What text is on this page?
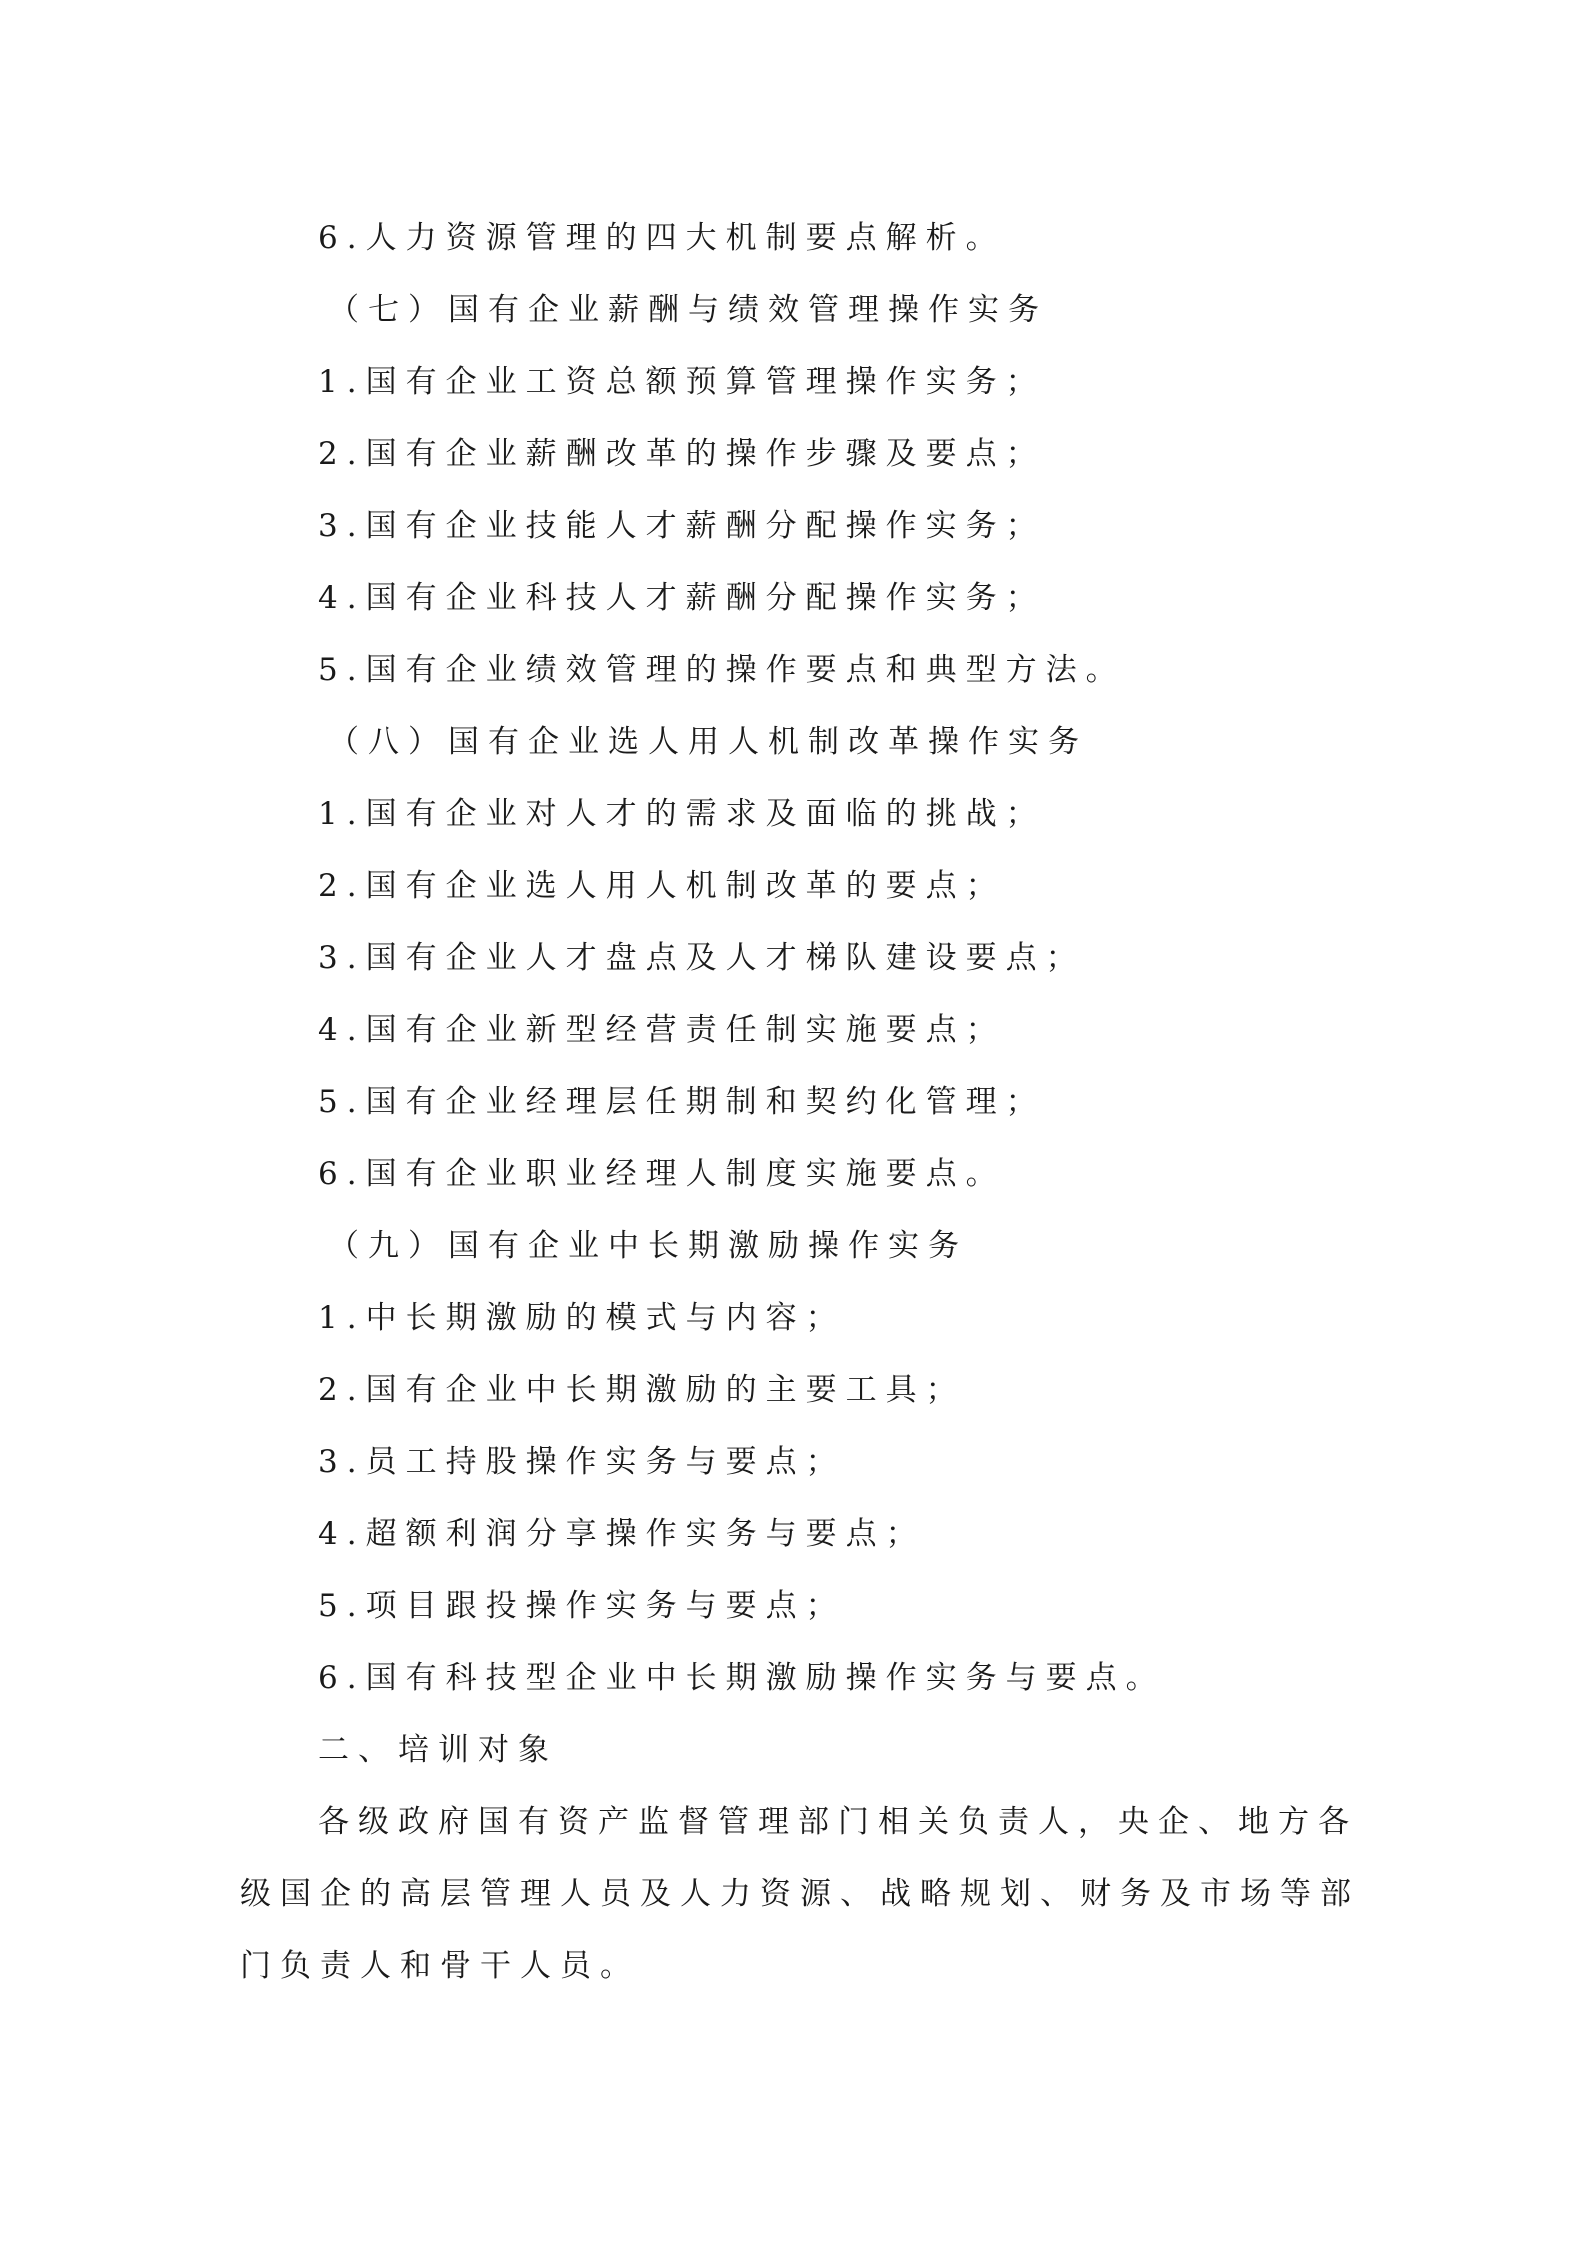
6.人力资源管理的四大机制要点解析。
（七）国有企业薪酬与绩效管理操作实务
1.国有企业工资总额预算管理操作实务；
2.国有企业薪酬改革的操作步骤及要点；
3.国有企业技能人才薪酬分配操作实务；
4.国有企业科技人才薪酬分配操作实务；
5.国有企业绩效管理的操作要点和典型方法。
（八）国有企业选人用人机制改革操作实务
1.国有企业对人才的需求及面临的挑战；
2.国有企业选人用人机制改革的要点；
3.国有企业人才盘点及人才梯队建设要点；
4.国有企业新型经营责任制实施要点；
5.国有企业经理层任期制和契约化管理；
6.国有企业职业经理人制度实施要点。
（九）国有企业中长期激励操作实务
1.中长期激励的模式与内容；
2.国有企业中长期激励的主要工具；
3.员工持股操作实务与要点；
4.超额利润分享操作实务与要点；
5.项目跟投操作实务与要点；
6.国有科技型企业中长期激励操作实务与要点。
二、培训对象
各级政府国有资产监督管理部门相关负责人，央企、地方各
级国企的高层管理人员及人力资源、战略规划、财务及市场等部
门负责人和骨干人员。
